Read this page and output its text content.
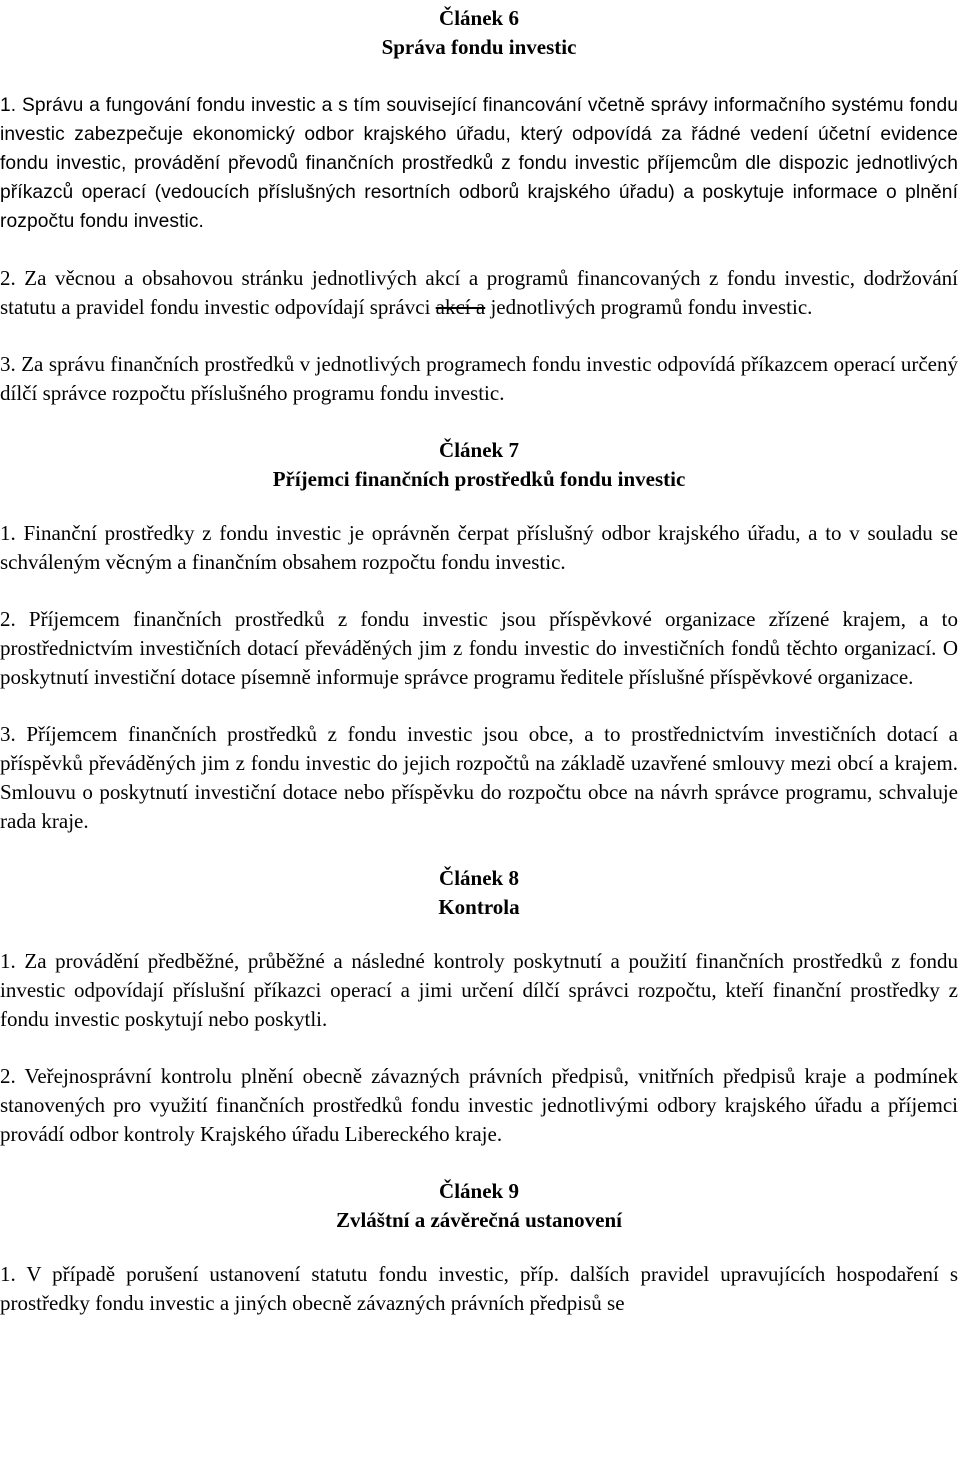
Článek 6
Správa fondu investic

1. Správu a fungování fondu investic a s tím související financování včetně správy informačního systému fondu investic zabezpečuje ekonomický odbor krajského úřadu, který odpovídá za řádné vedení účetní evidence fondu investic, provádění převodů finančních prostředků z fondu investic příjemcům dle dispozic jednotlivých příkazců operací (vedoucích příslušných resortních odborů krajského úřadu) a poskytuje informace o plnění rozpočtu fondu investic.

2. Za věcnou a obsahovou stránku jednotlivých akcí a programů financovaných z fondu investic, dodržování statutu a pravidel fondu investic odpovídají správci akcí a jednotlivých programů fondu investic.

3. Za správu finančních prostředků v jednotlivých programech fondu investic odpovídá příkazcem operací určený dílčí správce rozpočtu příslušného programu fondu investic.

Článek 7
Příjemci finančních prostředků fondu investic

1. Finanční prostředky z fondu investic je oprávněn čerpat příslušný odbor krajského úřadu, a to v souladu se schváleným věcným a finančním obsahem rozpočtu fondu investic.

2. Příjemcem finančních prostředků z fondu investic jsou příspěvkové organizace zřízené krajem, a to prostřednictvím investičních dotací převáděných jim z fondu investic do investičních fondů těchto organizací. O poskytnutí investiční dotace písemně informuje správce programu ředitele příslušné příspěvkové organizace.

3. Příjemcem finančních prostředků z fondu investic jsou obce, a to prostřednictvím investičních dotací a příspěvků převáděných jim z fondu investic do jejich rozpočtů na základě uzavřené smlouvy mezi obcí a krajem. Smlouvu o poskytnutí investiční dotace nebo příspěvku do rozpočtu obce na návrh správce programu, schvaluje rada kraje.

Článek 8
Kontrola

1. Za provádění předběžné, průběžné a následné kontroly poskytnutí a použití finančních prostředků z fondu investic odpovídají příslušní příkazci operací a jimi určení dílčí správci rozpočtu, kteří finanční prostředky z fondu investic poskytují nebo poskytli.

2. Veřejnosprávní kontrolu plnění obecně závazných právních předpisů, vnitřních předpisů kraje a podmínek stanovených pro využití finančních prostředků fondu investic jednotlivými odbory krajského úřadu a příjemci provádí odbor kontroly Krajského úřadu Libereckého kraje.

Článek 9
Zvláštní a závěrečná ustanovení

1. V případě porušení ustanovení statutu fondu investic, příp. dalších pravidel upravujících hospodaření s prostředky fondu investic a jiných obecně závazných právních předpisů se
